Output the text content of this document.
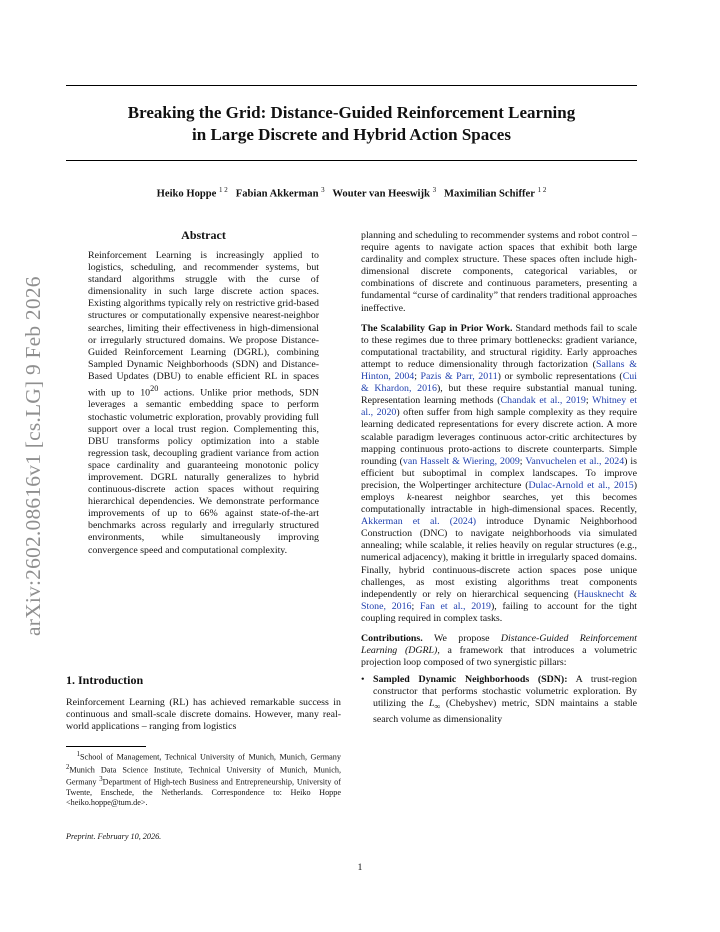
arXiv:2602.08616v1 [cs.LG] 9 Feb 2026
Breaking the Grid: Distance-Guided Reinforcement Learning
in Large Discrete and Hybrid Action Spaces
Heiko Hoppe $^{1 2}$ Fabian Akkerman $^3$ Wouter van Heeswijk $^3$ Maximilian Schiffer $^{1 2}$
Abstract
Reinforcement Learning is increasingly applied to logistics, scheduling, and recommender systems, but standard algorithms struggle with the curse of dimensionality in such large discrete action spaces. Existing algorithms typically rely on restrictive grid-based structures or computationally expensive nearest-neighbor searches, limiting their effectiveness in high-dimensional or irregularly structured domains. We propose Distance-Guided Reinforcement Learning (DGRL), combining Sampled Dynamic Neighborhoods (SDN) and Distance-Based Updates (DBU) to enable efficient RL in spaces with up to $10^{20}$ actions. Unlike prior methods, SDN leverages a semantic embedding space to perform stochastic volumetric exploration, provably providing full support over a local trust region. Complementing this, DBU transforms policy optimization into a stable regression task, decoupling gradient variance from action space cardinality and guaranteeing monotonic policy improvement. DGRL naturally generalizes to hybrid continuous-discrete action spaces without requiring hierarchical dependencies. We demonstrate performance improvements of up to 66% against state-of-the-art benchmarks across regularly and irregularly structured environments, while simultaneously improving convergence speed and computational complexity.
1. Introduction

Reinforcement Learning (RL) has achieved remarkable success in continuous and small-scale discrete domains. However, many real-world applications – ranging from logistics

$^1$School of Management, Technical University of Munich, Munich, Germany $^2$Munich Data Science Institute, Technical University of Munich, Munich, Germany $^3$Department of High-tech Business and Entrepreneurship, University of Twente, Enschede, the Netherlands. Correspondence to: Heiko Hoppe <heiko.hoppe@tum.de>.
Preprint. February 10, 2026.

planning and scheduling to recommender systems and robot control – require agents to navigate action spaces that exhibit both large cardinality and complex structure. These spaces often include high-dimensional discrete components, categorical variables, or combinations of discrete and continuous parameters, presenting a fundamental “curse of cardinality” that renders traditional approaches ineffective.

The Scalability Gap in Prior Work. Standard methods fail to scale to these regimes due to three primary bottlenecks: gradient variance, computational tractability, and structural rigidity. Early approaches attempt to reduce dimensionality through factorization (Sallans & Hinton, 2004; Pazis & Parr, 2011) or symbolic representations (Cui & Khardon, 2016), but these require substantial manual tuning. Representation learning methods (Chandak et al., 2019; Whitney et al., 2020) often suffer from high sample complexity as they require learning dedicated representations for every discrete action. A more scalable paradigm leverages continuous actor-critic architectures by mapping continuous proto-actions to discrete counterparts. Simple rounding (van Hasselt & Wiering, 2009; Vanvuchelen et al., 2024) is efficient but suboptimal in complex landscapes. To improve precision, the Wolpertinger architecture (Dulac-Arnold et al., 2015) employs k-nearest neighbor searches, yet this becomes computationally intractable in high-dimensional spaces. Recently, Akkerman et al. (2024) introduce Dynamic Neighborhood Construction (DNC) to navigate neighborhoods via simulated annealing; while scalable, it relies heavily on regular structures (e.g., numerical adjacency), making it brittle in irregularly spaced domains. Finally, hybrid continuous-discrete action spaces pose unique challenges, as most existing algorithms treat components independently or rely on hierarchical sequencing (Hausknecht & Stone, 2016; Fan et al., 2019), failing to account for the tight coupling required in complex tasks.

Contributions. We propose Distance-Guided Reinforcement Learning (DGRL), a framework that introduces a volumetric projection loop composed of two synergistic pillars:

• Sampled Dynamic Neighborhoods (SDN): A trust-region constructor that performs stochastic volumetric exploration. By utilizing the $L_\infty$ (Chebyshev) metric, SDN maintains a stable search volume as dimensionality
1
